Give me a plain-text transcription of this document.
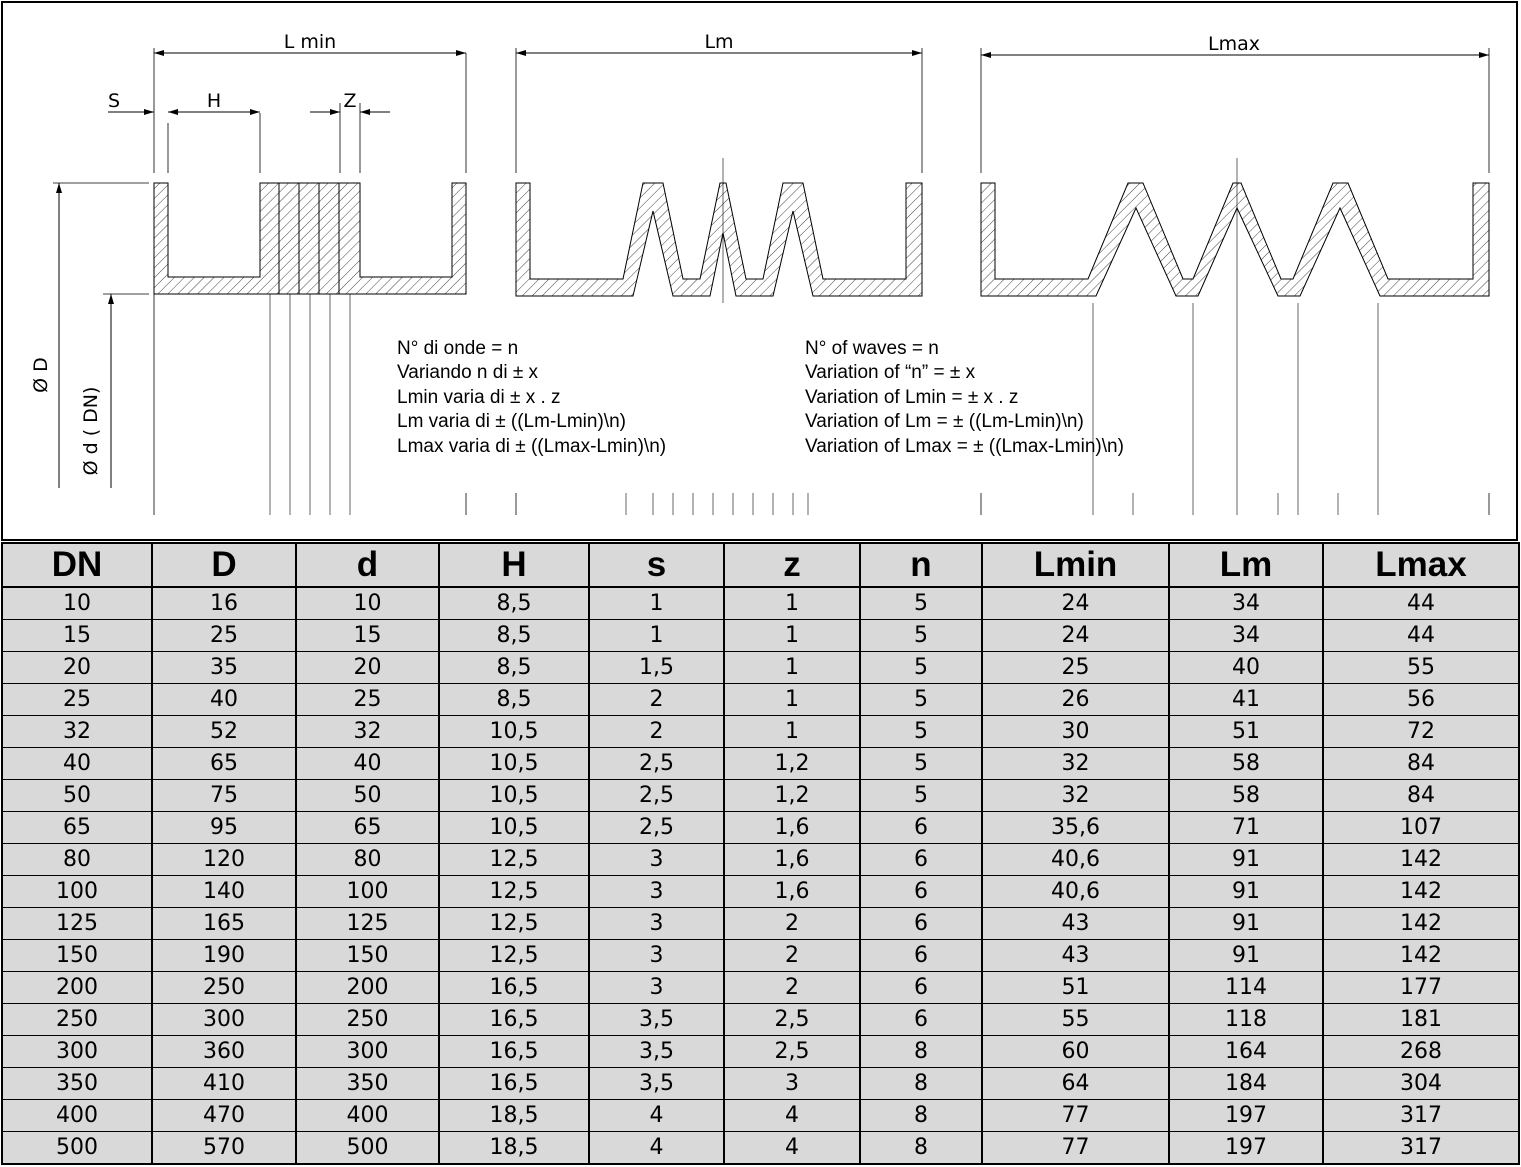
L min	Lm	Lmax
S	H	Z
Ø D
Ø d ( DN)
N° di onde = n
Variando n di ± x
Lmin varia di ± x . z
Lm varia di ± ((Lm-Lmin)\n)
Lmax varia di ± ((Lmax-Lmin)\n)
N° of waves = n
Variation of “n” = ± x
Variation of Lmin = ± x . z
Variation of Lm = ± ((Lm-Lmin)\n)
Variation of Lmax = ± ((Lmax-Lmin)\n)
DN	D	d	H	s	z	n	Lmin	Lm	Lmax
10	16	10	8,5	1	1	5	24	34	44
15	25	15	8,5	1	1	5	24	34	44
20	35	20	8,5	1,5	1	5	25	40	55
25	40	25	8,5	2	1	5	26	41	56
32	52	32	10,5	2	1	5	30	51	72
40	65	40	10,5	2,5	1,2	5	32	58	84
50	75	50	10,5	2,5	1,2	5	32	58	84
65	95	65	10,5	2,5	1,6	6	35,6	71	107
80	120	80	12,5	3	1,6	6	40,6	91	142
100	140	100	12,5	3	1,6	6	40,6	91	142
125	165	125	12,5	3	2	6	43	91	142
150	190	150	12,5	3	2	6	43	91	142
200	250	200	16,5	3	2	6	51	114	177
250	300	250	16,5	3,5	2,5	6	55	118	181
300	360	300	16,5	3,5	2,5	8	60	164	268
350	410	350	16,5	3,5	3	8	64	184	304
400	470	400	18,5	4	4	8	77	197	317
500	570	500	18,5	4	4	8	77	197	317
